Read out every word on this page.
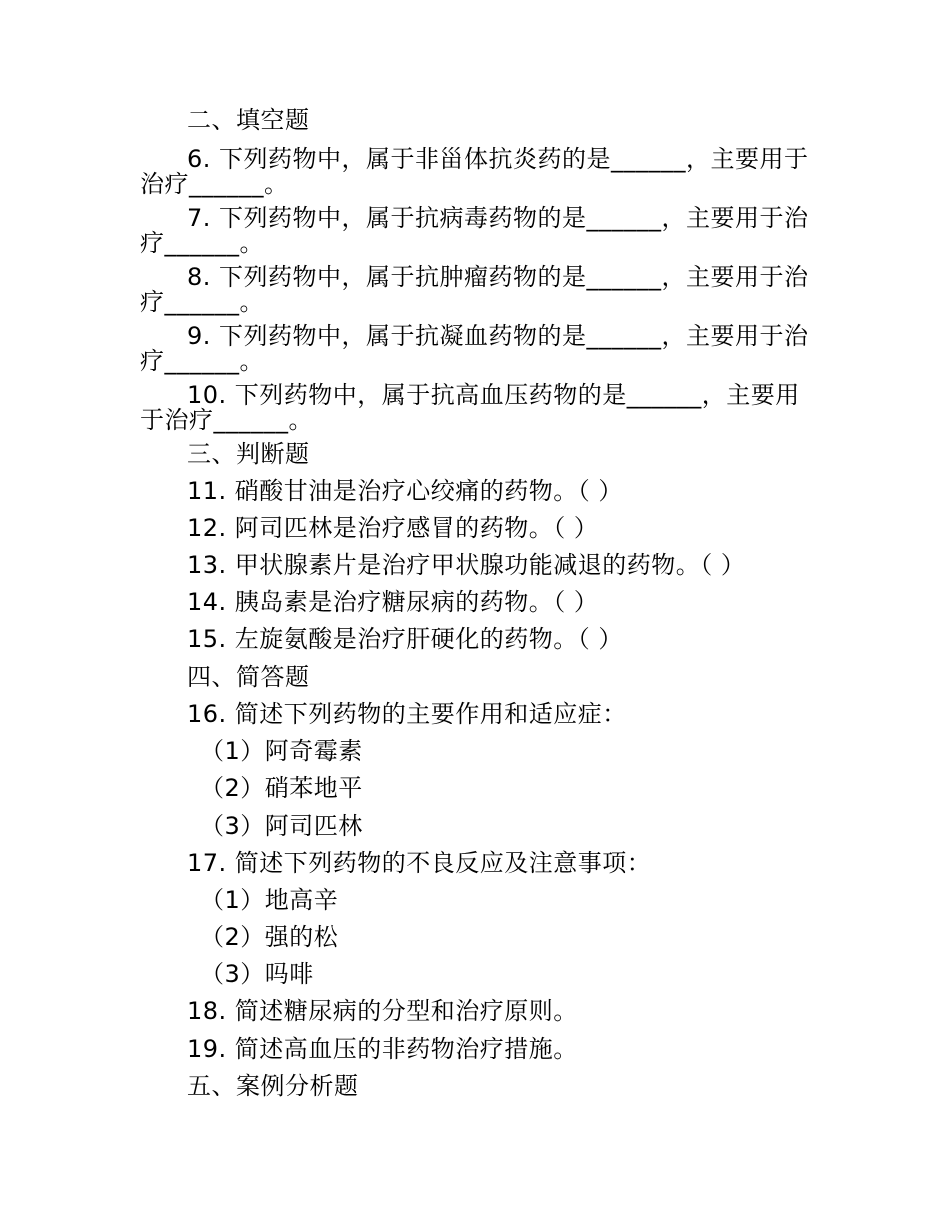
二、填空题
6. 下列药物中，属于非甾体抗炎药的是______，主要用于
治疗______。
7. 下列药物中，属于抗病毒药物的是______，主要用于治
疗______。
8. 下列药物中，属于抗肿瘤药物的是______，主要用于治
疗______。
9. 下列药物中，属于抗凝血药物的是______，主要用于治
疗______。
10. 下列药物中，属于抗高血压药物的是______，主要用
于治疗______。
三、判断题
11. 硝酸甘油是治疗心绞痛的药物。（ ）
12. 阿司匹林是治疗感冒的药物。（ ）
13. 甲状腺素片是治疗甲状腺功能减退的药物。（ ）
14. 胰岛素是治疗糖尿病的药物。（ ）
15. 左旋氨酸是治疗肝硬化的药物。（ ）
四、简答题
16. 简述下列药物的主要作用和适应症：
（1）阿奇霉素
（2）硝苯地平
（3）阿司匹林
17. 简述下列药物的不良反应及注意事项：
（1）地高辛
（2）强的松
（3）吗啡
18. 简述糖尿病的分型和治疗原则。
19. 简述高血压的非药物治疗措施。
五、案例分析题
